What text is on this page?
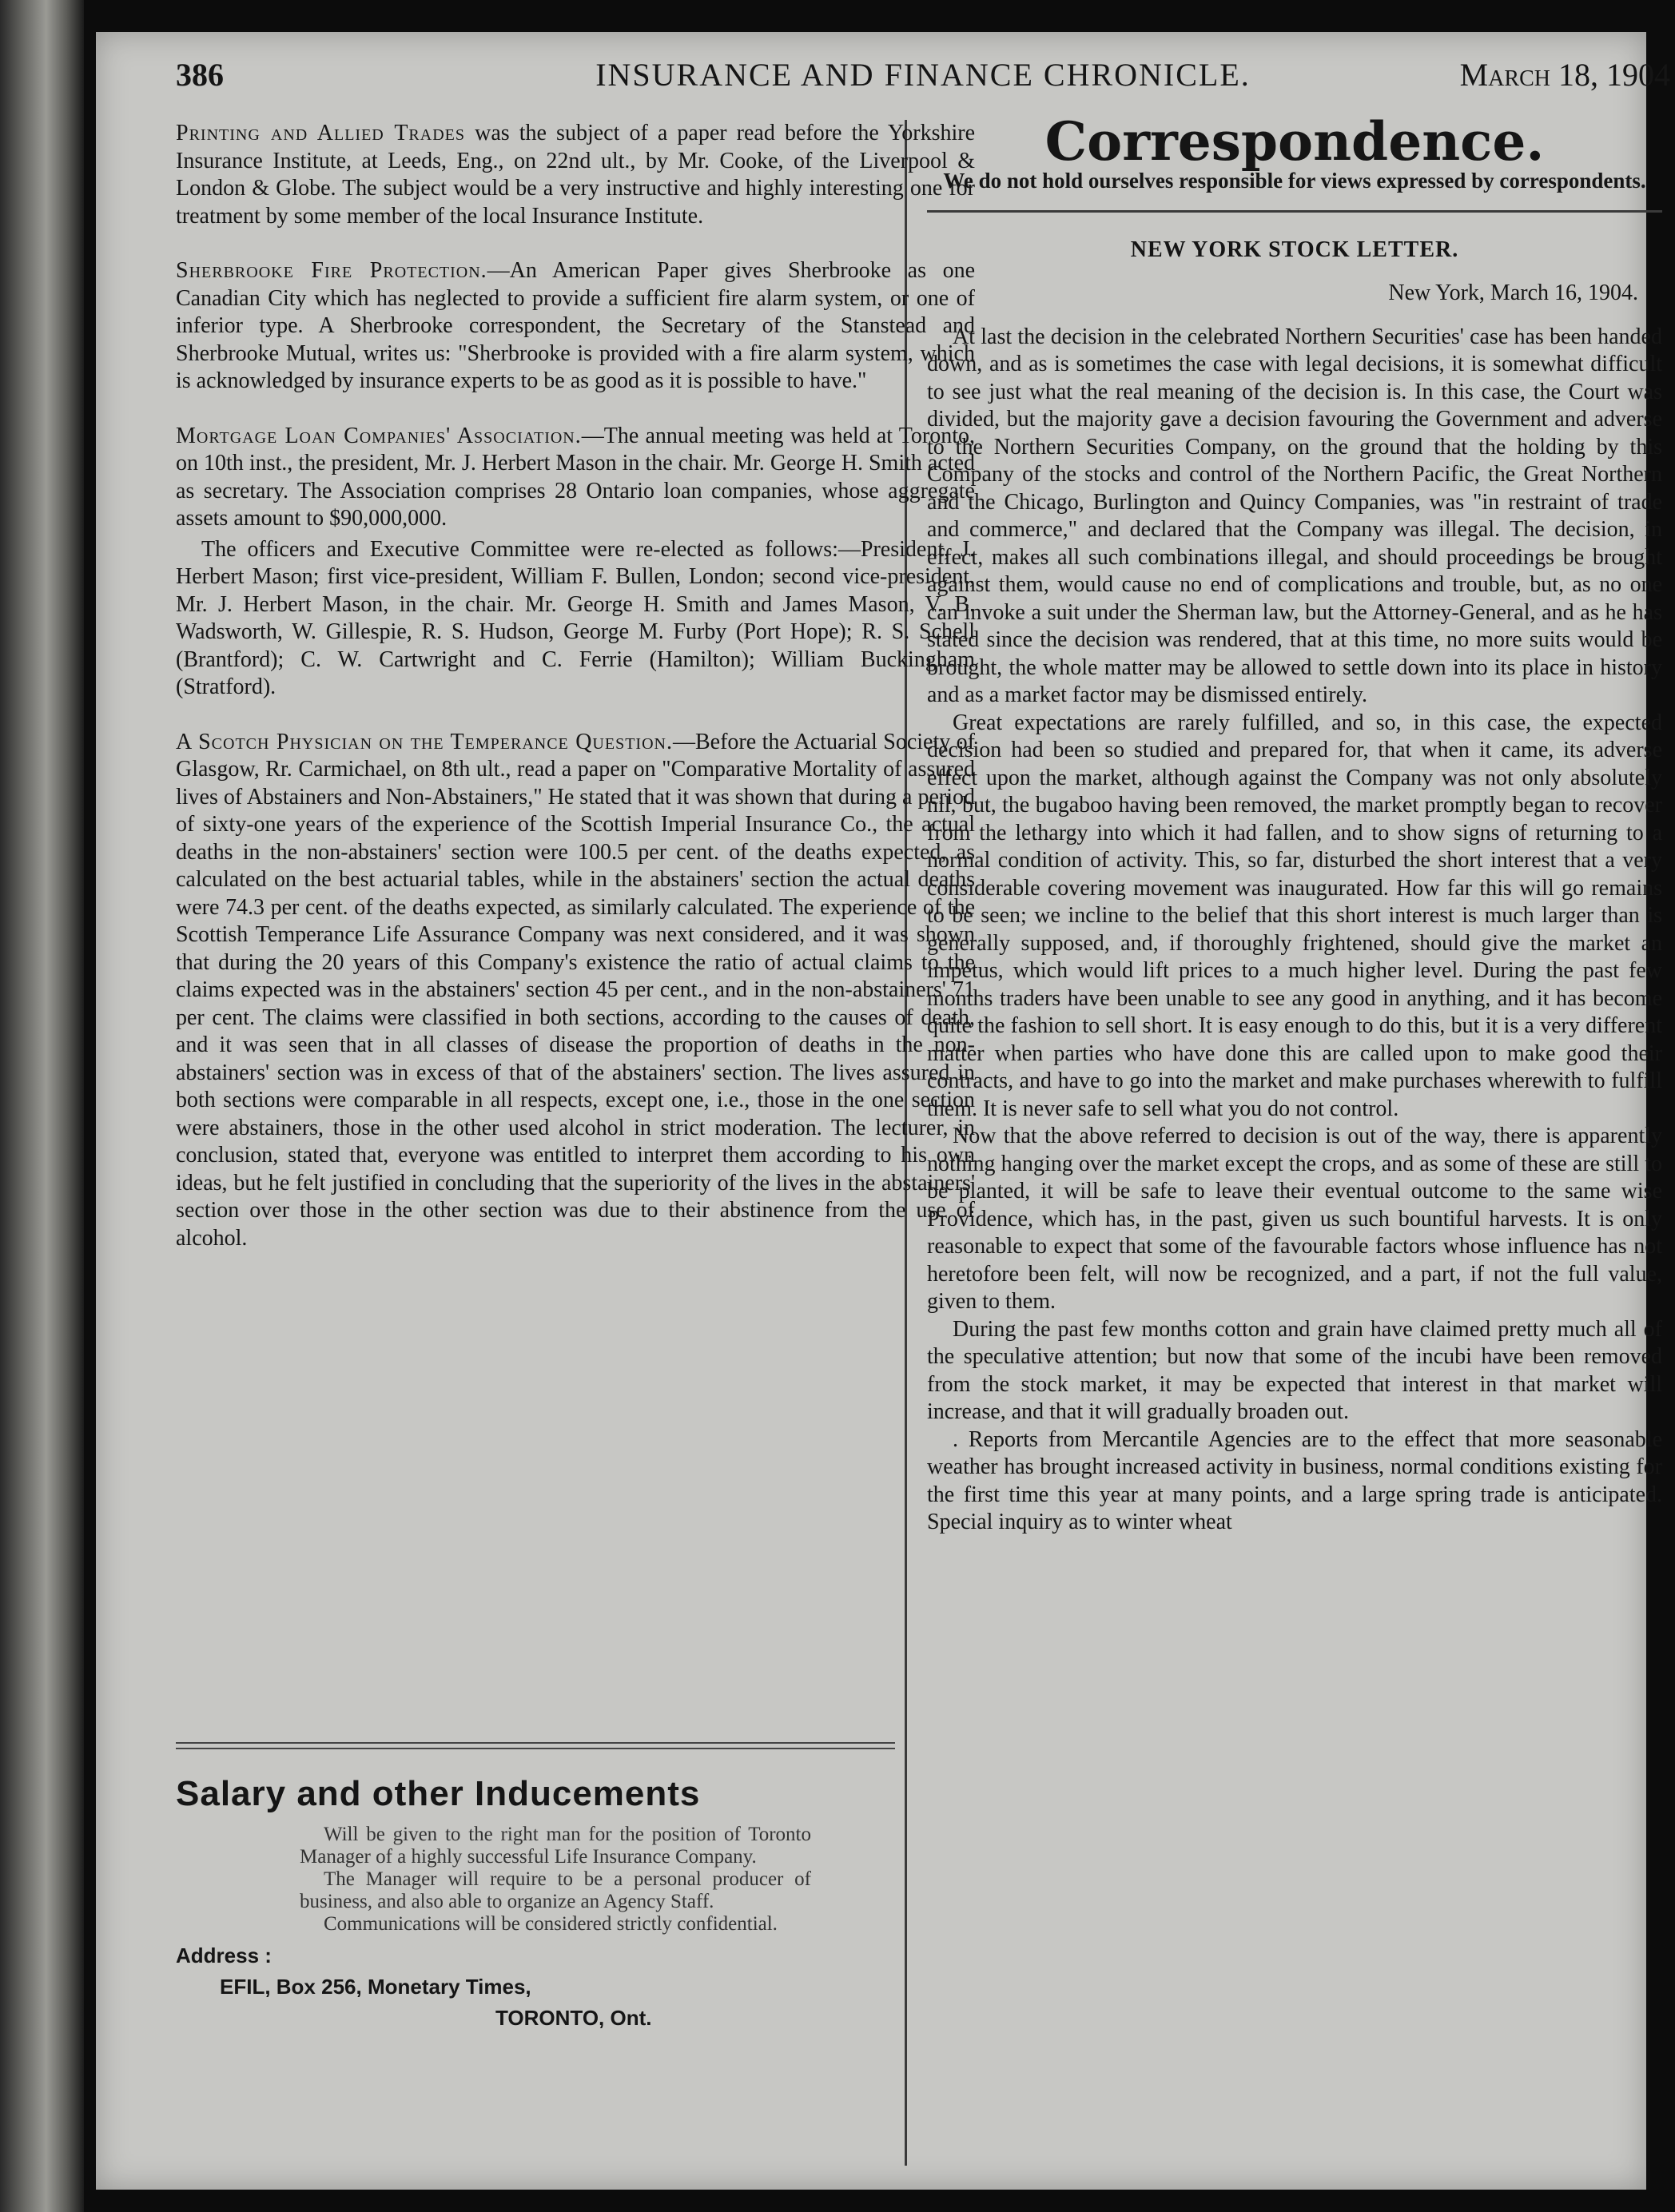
386	INSURANCE AND FINANCE CHRONICLE.	March 18, 1904

Printing and Allied Trades was the subject of a paper read before the Yorkshire Insurance Institute, at Leeds, Eng., on 22nd ult., by Mr. Cooke, of the Liverpool & London & Globe. The subject would be a very instructive and highly interesting one for treatment by some member of the local Insurance Institute.

Sherbrooke Fire Protection.—An American Paper gives Sherbrooke as one Canadian City which has neglected to provide a sufficient fire alarm system, or one of inferior type. A Sherbrooke correspondent, the Secretary of the Stanstead and Sherbrooke Mutual, writes us: "Sherbrooke is provided with a fire alarm system, which is acknowledged by insurance experts to be as good as it is possible to have."

Mortgage Loan Companies' Association.—The annual meeting was held at Toronto, on 10th inst., the president, Mr. J. Herbert Mason in the chair. Mr. George H. Smith acted as secretary. The Association comprises 28 Ontario loan companies, whose aggregate assets amount to $90,000,000.

The officers and Executive Committee were re-elected as follows:—President, J. Herbert Mason; first vice-president, William F. Bullen, London; second vice-president, Mr. J. Herbert Mason, in the chair. Mr. George H. Smith and James Mason, V. B. Wadsworth, W. Gillespie, R. S. Hudson, George M. Furby (Port Hope); R. S. Schell (Brantford); C. W. Cartwright and C. Ferrie (Hamilton); William Buckingham (Stratford).

A Scotch Physician on the Temperance Question.—Before the Actuarial Society of Glasgow, Rr. Carmichael, on 8th ult., read a paper on "Comparative Mortality of assured lives of Abstainers and Non-Abstainers," He stated that it was shown that during a period of sixty-one years of the experience of the Scottish Imperial Insurance Co., the actual deaths in the non-abstainers' section were 100.5 per cent. of the deaths expected, as calculated on the best actuarial tables, while in the abstainers' section the actual deaths were 74.3 per cent. of the deaths expected, as similarly calculated. The experience of the Scottish Temperance Life Assurance Company was next considered, and it was shown that during the 20 years of this Company's existence the ratio of actual claims to the claims expected was in the abstainers' section 45 per cent., and in the non-abstainers' 71 per cent. The claims were classified in both sections, according to the causes of death, and it was seen that in all classes of disease the proportion of deaths in the non-abstainers' section was in excess of that of the abstainers' section. The lives assured in both sections were comparable in all respects, except one, i.e., those in the one section were abstainers, those in the other used alcohol in strict moderation. The lecturer, in conclusion, stated that, everyone was entitled to interpret them according to his own ideas, but he felt justified in concluding that the superiority of the lives in the abstainers' section over those in the other section was due to their abstinence from the use of alcohol.

Salary and other Inducements

Will be given to the right man for the position of Toronto Manager of a highly successful Life Insurance Company.

The Manager will require to be a personal producer of business, and also able to organize an Agency Staff.

Communications will be considered strictly confidential.

Address :
EFIL, Box 256, Monetary Times,
TORONTO, Ont.
Correspondence.
We do not hold ourselves responsible for views expressed by correspondents.
NEW YORK STOCK LETTER.
New York, March 16, 1904.

At last the decision in the celebrated Northern Securities' case has been handed down, and as is sometimes the case with legal decisions, it is somewhat difficult to see just what the real meaning of the decision is. In this case, the Court was divided, but the majority gave a decision favouring the Government and adverse to the Northern Securities Company, on the ground that the holding by this Company of the stocks and control of the Northern Pacific, the Great Northern and the Chicago, Burlington and Quincy Companies, was "in restraint of trade and commerce," and declared that the Company was illegal. The decision, in effect, makes all such combinations illegal, and should proceedings be brought against them, would cause no end of complications and trouble, but, as no one can invoke a suit under the Sherman law, but the Attorney-General, and as he has stated since the decision was rendered, that at this time, no more suits would be brought, the whole matter may be allowed to settle down into its place in history and as a market factor may be dismissed entirely.

Great expectations are rarely fulfilled, and so, in this case, the expected decision had been so studied and prepared for, that when it came, its adverse effect upon the market, although against the Company was not only absolutely nil, but, the bugaboo having been removed, the market promptly began to recover from the lethargy into which it had fallen, and to show signs of returning to a normal condition of activity. This, so far, disturbed the short interest that a very considerable covering movement was inaugurated. How far this will go remains to be seen; we incline to the belief that this short interest is much larger than is generally supposed, and, if thoroughly frightened, should give the market an impetus, which would lift prices to a much higher level. During the past few months traders have been unable to see any good in anything, and it has become quite the fashion to sell short. It is easy enough to do this, but it is a very different matter when parties who have done this are called upon to make good their contracts, and have to go into the market and make purchases wherewith to fulfill them. It is never safe to sell what you do not control.

Now that the above referred to decision is out of the way, there is apparently nothing hanging over the market except the crops, and as some of these are still to be planted, it will be safe to leave their eventual outcome to the same wise Providence, which has, in the past, given us such bountiful harvests. It is only reasonable to expect that some of the favourable factors whose influence has not heretofore been felt, will now be recognized, and a part, if not the full value, given to them.

During the past few months cotton and grain have claimed pretty much all of the speculative attention; but now that some of the incubi have been removed from the stock market, it may be expected that interest in that market will increase, and that it will gradually broaden out.

. Reports from Mercantile Agencies are to the effect that more seasonable weather has brought increased activity in business, normal conditions existing for the first time this year at many points, and a large spring trade is anticipated. Special inquiry as to winter wheat
